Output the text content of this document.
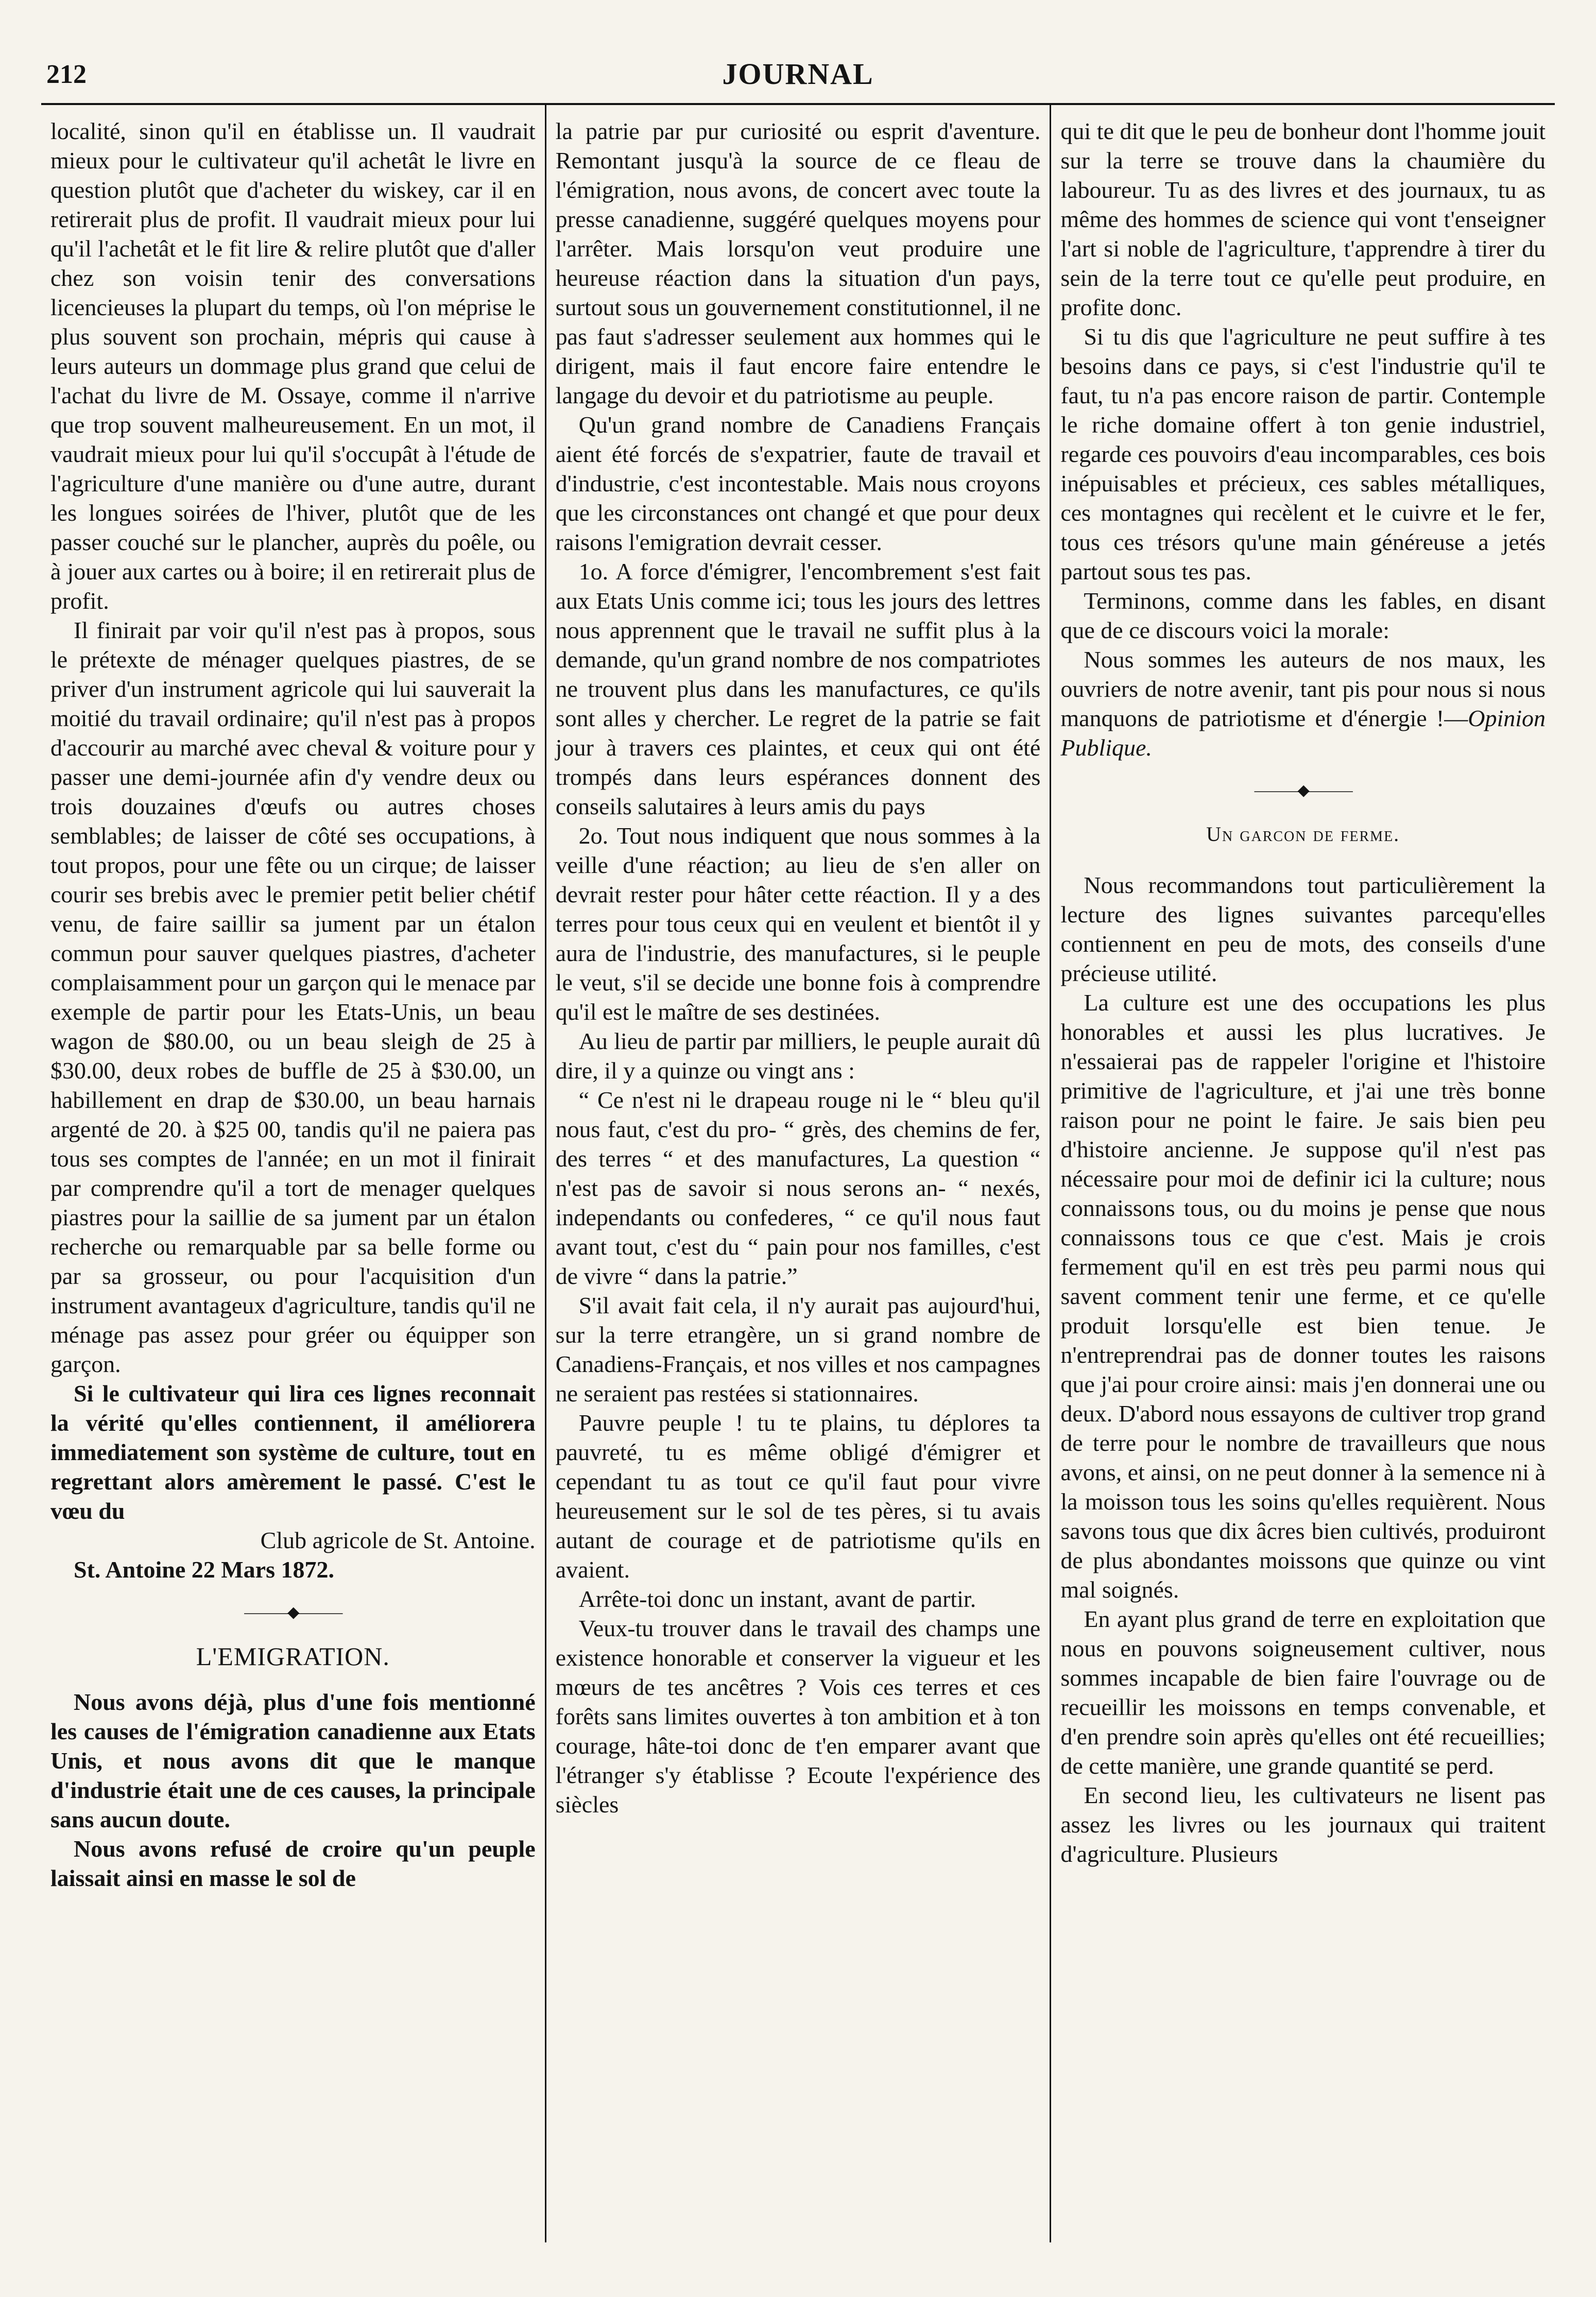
212	JOURNAL

localité, sinon qu'il en établisse un. Il vaudrait mieux pour le cultivateur qu'il achetât le livre en question plutôt que d'acheter du wiskey, car il en retirerait plus de profit. Il vaudrait mieux pour lui qu'il l'achetât et le fit lire & relire plutôt que d'aller chez son voisin tenir des conversations licencieuses la plupart du temps, où l'on méprise le plus souvent son prochain, mépris qui cause à leurs auteurs un dommage plus grand que celui de l'achat du livre de M. Ossaye, comme il n'arrive que trop souvent malheureusement. En un mot, il vaudrait mieux pour lui qu'il s'occupât à l'étude de l'agriculture d'une manière ou d'une autre, durant les longues soirées de l'hiver, plutôt que de les passer couché sur le plancher, auprès du poêle, ou à jouer aux cartes ou à boire; il en retirerait plus de profit.

Il finirait par voir qu'il n'est pas à propos, sous le prétexte de ménager quelques piastres, de se priver d'un instrument agricole qui lui sauverait la moitié du travail ordinaire; qu'il n'est pas à propos d'accourir au marché avec cheval & voiture pour y passer une demi-journée afin d'y vendre deux ou trois douzaines d'œufs ou autres choses semblables; de laisser de côté ses occupations, à tout propos, pour une fête ou un cirque; de laisser courir ses brebis avec le premier petit belier chétif venu, de faire saillir sa jument par un étalon commun pour sauver quelques piastres, d'acheter complaisamment pour un garçon qui le menace par exemple de partir pour les Etats-Unis, un beau wagon de $80.00, ou un beau sleigh de 25 à $30.00, deux robes de buffle de 25 à $30.00, un habillement en drap de $30.00, un beau harnais argenté de 20. à $25 00, tandis qu'il ne paiera pas tous ses comptes de l'année; en un mot il finirait par comprendre qu'il a tort de menager quelques piastres pour la saillie de sa jument par un étalon recherche ou remarquable par sa belle forme ou par sa grosseur, ou pour l'acquisition d'un instrument avantageux d'agriculture, tandis qu'il ne ménage pas assez pour gréer ou équipper son garçon.

Si le cultivateur qui lira ces lignes reconnait la vérité qu'elles contiennent, il améliorera immediatement son système de culture, tout en regrettant alors amèrement le passé. C'est le vœu du

Club agricole de St. Antoine.

St. Antoine 22 Mars 1872.

———◆———
L'EMIGRATION.

Nous avons déjà, plus d'une fois mentionné les causes de l'émigration canadienne aux Etats Unis, et nous avons dit que le manque d'industrie était une de ces causes, la principale sans aucun doute.

Nous avons refusé de croire qu'un peuple laissait ainsi en masse le sol de

la patrie par pur curiosité ou esprit d'aventure. Remontant jusqu'à la source de ce fleau de l'émigration, nous avons, de concert avec toute la presse canadienne, suggéré quelques moyens pour l'arrêter. Mais lorsqu'on veut produire une heureuse réaction dans la situation d'un pays, surtout sous un gouvernement constitutionnel, il ne pas faut s'adresser seulement aux hommes qui le dirigent, mais il faut encore faire entendre le langage du devoir et du patriotisme au peuple.

Qu'un grand nombre de Canadiens Français aient été forcés de s'expatrier, faute de travail et d'industrie, c'est incontestable. Mais nous croyons que les circonstances ont changé et que pour deux raisons l'emigration devrait cesser.

1o. A force d'émigrer, l'encombrement s'est fait aux Etats Unis comme ici; tous les jours des lettres nous apprennent que le travail ne suffit plus à la demande, qu'un grand nombre de nos compatriotes ne trouvent plus dans les manufactures, ce qu'ils sont alles y chercher. Le regret de la patrie se fait jour à travers ces plaintes, et ceux qui ont été trompés dans leurs espérances donnent des conseils salutaires à leurs amis du pays

2o. Tout nous indiquent que nous sommes à la veille d'une réaction; au lieu de s'en aller on devrait rester pour hâter cette réaction. Il y a des terres pour tous ceux qui en veulent et bientôt il y aura de l'industrie, des manufactures, si le peuple le veut, s'il se decide une bonne fois à comprendre qu'il est le maître de ses destinées.

Au lieu de partir par milliers, le peuple aurait dû dire, il y a quinze ou vingt ans :

“ Ce n'est ni le drapeau rouge ni le “ bleu qu'il nous faut, c'est du pro- “ grès, des chemins de fer, des terres “ et des manufactures, La question “ n'est pas de savoir si nous serons an- “ nexés, independants ou confederes, “ ce qu'il nous faut avant tout, c'est du “ pain pour nos familles, c'est de vivre “ dans la patrie.”

S'il avait fait cela, il n'y aurait pas aujourd'hui, sur la terre etrangère, un si grand nombre de Canadiens-Français, et nos villes et nos campagnes ne seraient pas restées si stationnaires.

Pauvre peuple ! tu te plains, tu déplores ta pauvreté, tu es même obligé d'émigrer et cependant tu as tout ce qu'il faut pour vivre heureusement sur le sol de tes pères, si tu avais autant de courage et de patriotisme qu'ils en avaient.

Arrête-toi donc un instant, avant de partir.

Veux-tu trouver dans le travail des champs une existence honorable et conserver la vigueur et les mœurs de tes ancêtres ? Vois ces terres et ces forêts sans limites ouvertes à ton ambition et à ton courage, hâte-toi donc de t'en emparer avant que l'étranger s'y établisse ? Ecoute l'expérience des siècles

qui te dit que le peu de bonheur dont l'homme jouit sur la terre se trouve dans la chaumière du laboureur. Tu as des livres et des journaux, tu as même des hommes de science qui vont t'enseigner l'art si noble de l'agriculture, t'apprendre à tirer du sein de la terre tout ce qu'elle peut produire, en profite donc.

Si tu dis que l'agriculture ne peut suffire à tes besoins dans ce pays, si c'est l'industrie qu'il te faut, tu n'a pas encore raison de partir. Contemple le riche domaine offert à ton genie industriel, regarde ces pouvoirs d'eau incomparables, ces bois inépuisables et précieux, ces sables métalliques, ces montagnes qui recèlent et le cuivre et le fer, tous ces trésors qu'une main généreuse a jetés partout sous tes pas.

Terminons, comme dans les fables, en disant que de ce discours voici la morale:

Nous sommes les auteurs de nos maux, les ouvriers de notre avenir, tant pis pour nous si nous manquons de patriotisme et d'énergie !—Opinion Publique.

———◆———
Un garcon de ferme.

Nous recommandons tout particulièrement la lecture des lignes suivantes parcequ'elles contiennent en peu de mots, des conseils d'une précieuse utilité.

La culture est une des occupations les plus honorables et aussi les plus lucratives. Je n'essaierai pas de rappeler l'origine et l'histoire primitive de l'agriculture, et j'ai une très bonne raison pour ne point le faire. Je sais bien peu d'histoire ancienne. Je suppose qu'il n'est pas nécessaire pour moi de definir ici la culture; nous connaissons tous, ou du moins je pense que nous connaissons tous ce que c'est. Mais je crois fermement qu'il en est très peu parmi nous qui savent comment tenir une ferme, et ce qu'elle produit lorsqu'elle est bien tenue. Je n'entreprendrai pas de donner toutes les raisons que j'ai pour croire ainsi: mais j'en donnerai une ou deux. D'abord nous essayons de cultiver trop grand de terre pour le nombre de travailleurs que nous avons, et ainsi, on ne peut donner à la semence ni à la moisson tous les soins qu'elles requièrent. Nous savons tous que dix âcres bien cultivés, produiront de plus abondantes moissons que quinze ou vint mal soignés.

En ayant plus grand de terre en exploitation que nous en pouvons soigneusement cultiver, nous sommes incapable de bien faire l'ouvrage ou de recueillir les moissons en temps convenable, et d'en prendre soin après qu'elles ont été recueillies; de cette manière, une grande quantité se perd.

En second lieu, les cultivateurs ne lisent pas assez les livres ou les journaux qui traitent d'agriculture. Plusieurs
